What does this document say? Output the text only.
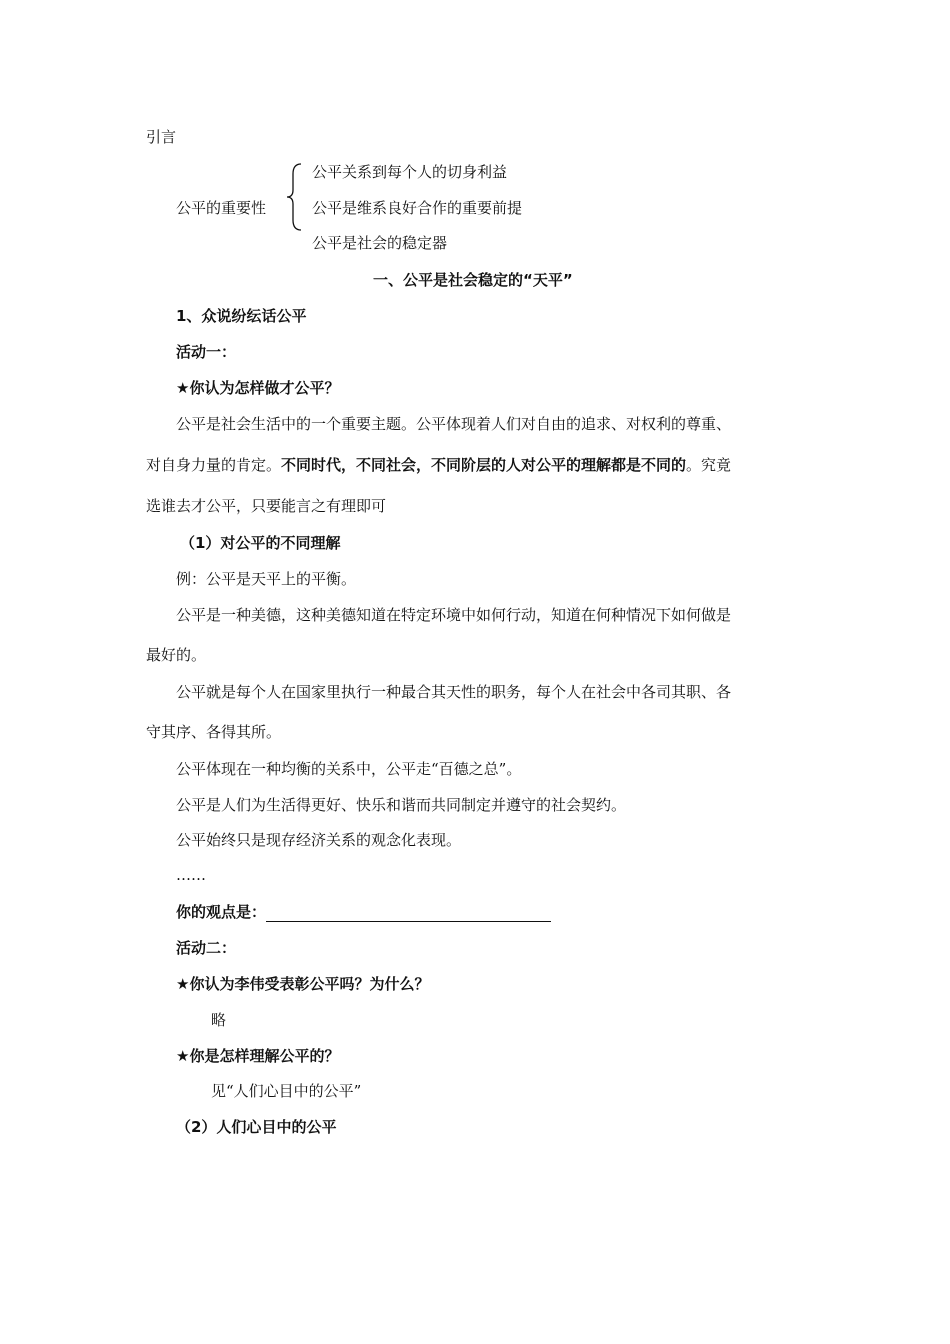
引言
公平的重要性
公平关系到每个人的切身利益
公平是维系良好合作的重要前提
公平是社会的稳定器
一、公平是社会稳定的“天平”
1、众说纷纭话公平
活动一：
★你认为怎样做才公平？
公平是社会生活中的一个重要主题。公平体现着人们对自由的追求、对权利的尊重、
对自身力量的肯定。不同时代，不同社会，不同阶层的人对公平的理解都是不同的。究竟
选谁去才公平，只要能言之有理即可
（1）对公平的不同理解
例：公平是天平上的平衡。
公平是一种美德，这种美德知道在特定环境中如何行动，知道在何种情况下如何做是
最好的。
公平就是每个人在国家里执行一种最合其天性的职务，每个人在社会中各司其职、各
守其序、各得其所。
公平体现在一种均衡的关系中，公平走“百德之总”。
公平是人们为生活得更好、快乐和谐而共同制定并遵守的社会契约。
公平始终只是现存经济关系的观念化表现。
……
你的观点是：
活动二：
★你认为李伟受表彰公平吗？为什么？
略
★你是怎样理解公平的？
见“人们心目中的公平”
（2）人们心目中的公平
